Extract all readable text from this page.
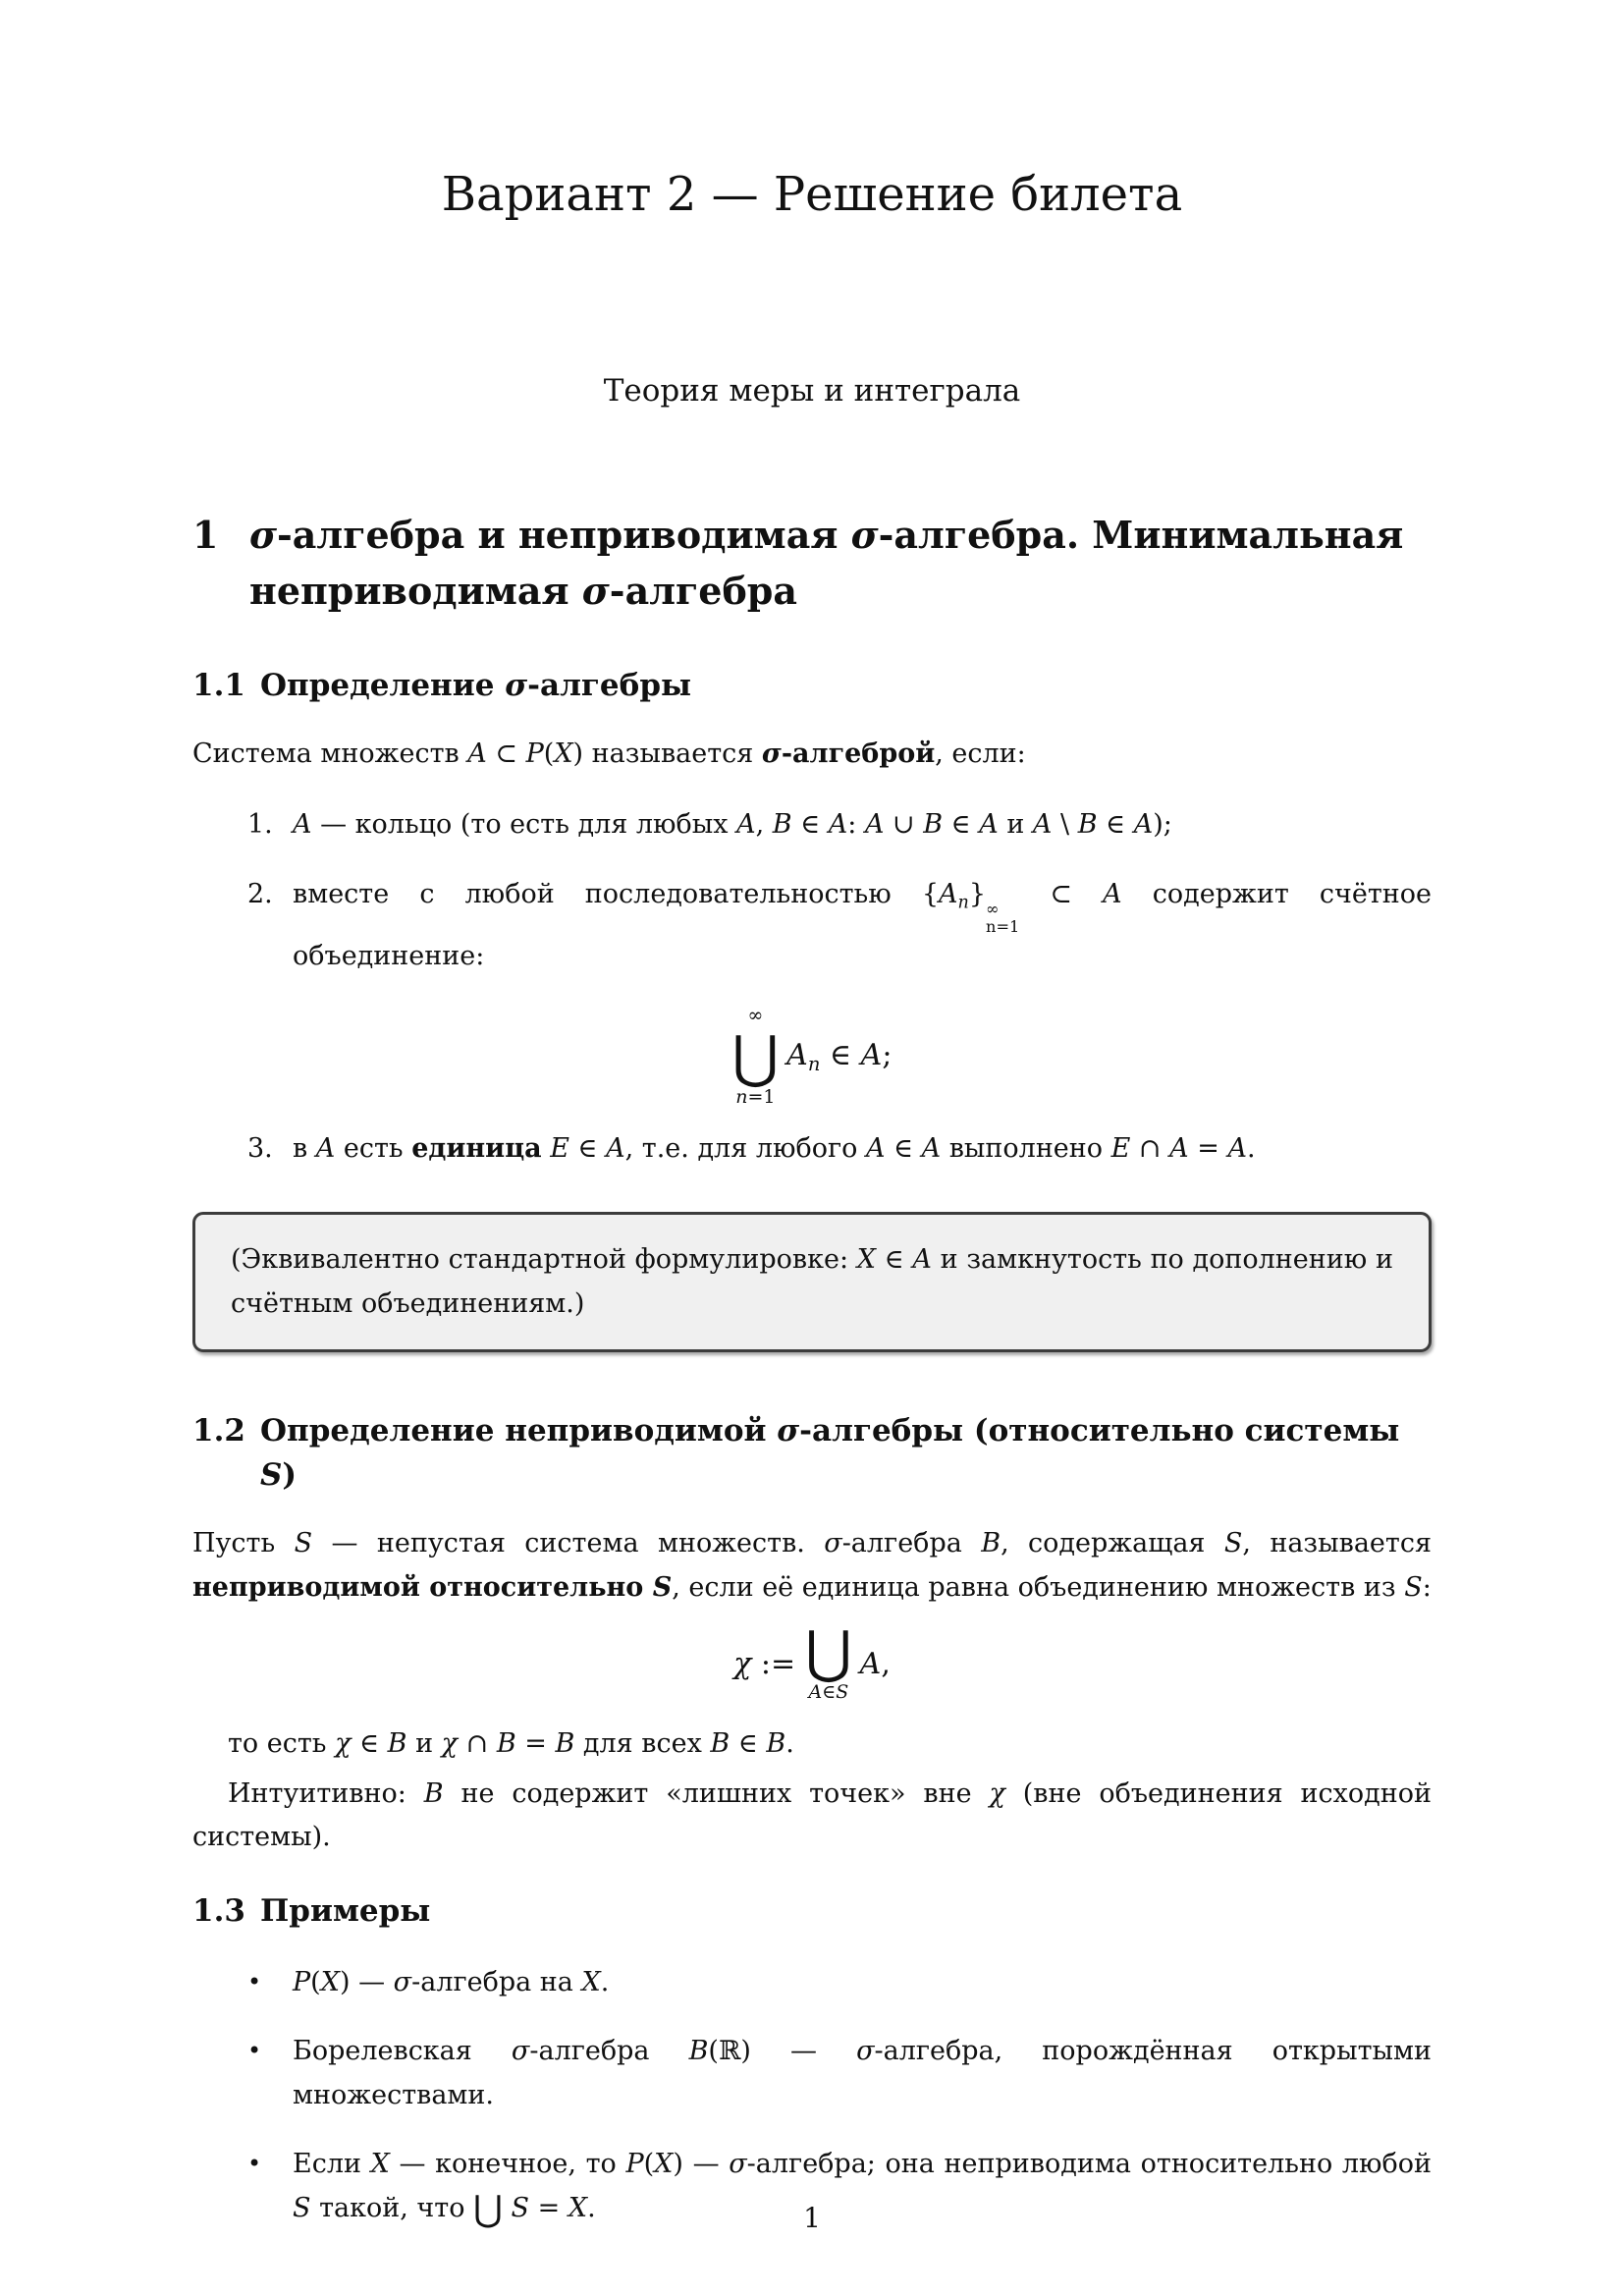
Вариант 2 — Решение билета
Теория меры и интеграла
1 σ-алгебра и неприводимая σ-алгебра. Минимальная неприводимая σ-алгебра
1.1 Определение σ-алгебры
Система множеств A ⊂ P(X) называется σ-алгеброй, если:
1. A — кольцо (то есть для любых A, B ∈ A: A ∪ B ∈ A и A \ B ∈ A);
2. вместе с любой последовательностью {An} ∞
n=1
⊂ A содержит счётное объединение:
∞
⋃
n=1
An ∈ A;
3. в A есть единица E ∈ A, т.е. для любого A ∈ A выполнено E ∩ A = A.
(Эквивалентно стандартной формулировке: X ∈ A и замкнутость по дополнению и счётным объединениям.)
1.2 Определение неприводимой σ-алгебры (относительно системы S)
Пусть S — непустая система множеств. σ-алгебра B, содержащая S, называется неприводимой относительно S, если её единица равна объединению множеств из S:
χ := ⋃
A∈S
A,
то есть χ ∈ B и χ ∩ B = B для всех B ∈ B.
Интуитивно: B не содержит «лишних точек» вне χ (вне объединения исходной системы).
1.3 Примеры
•	P(X) — σ-алгебра на X.
•	Борелевская σ-алгебра B(ℝ) — σ-алгебра, порождённая открытыми множествами.
•	Если X — конечное, то P(X) — σ-алгебра; она неприводима относительно любой S такой, что ⋃ S = X.	1
